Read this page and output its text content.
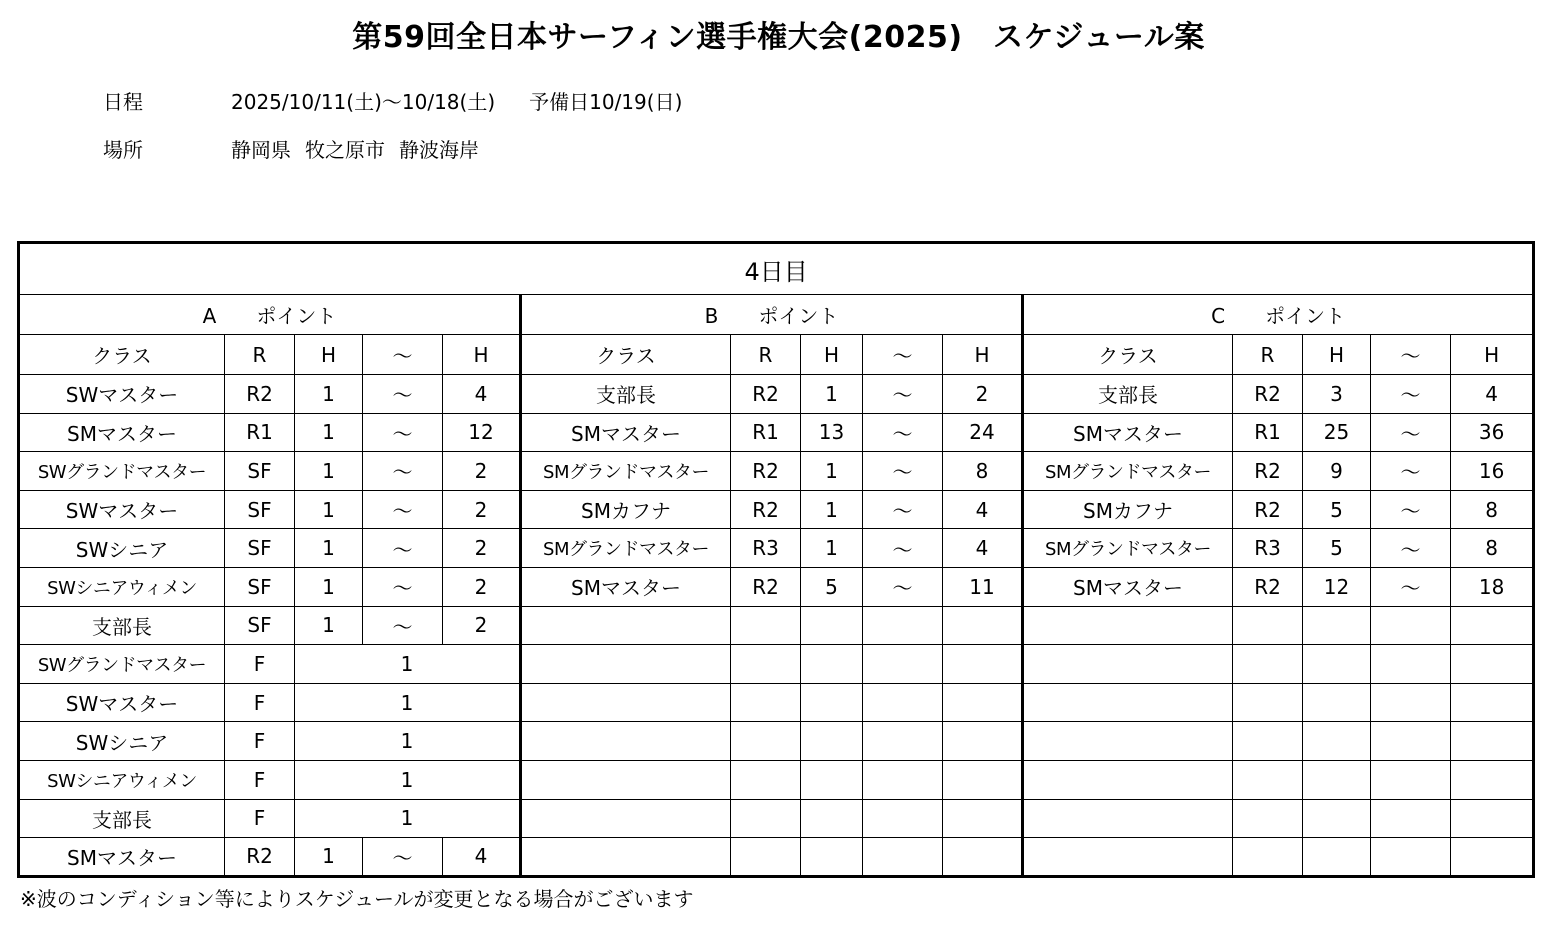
第59回全日本サーフィン選手権大会(2025)　スケジュール案
日程	2025/10/11(土)～10/18(土) 予備日10/19(日)
場所	静岡県 牧之原市 静波海岸
4日目														
A　　ポイント					B　　ポイント					C　　ポイント				
クラス	R	H	～	H	クラス	R	H	～	H	クラス	R	H	～	H
SWマスター	R2	1	～	4	支部長	R2	1	～	2	支部長	R2	3	～	4
SMマスター	R1	1	～	12	SMマスター	R1	13	～	24	SMマスター	R1	25	～	36
SWグランドマスター	SF	1	～	2	SMグランドマスター	R2	1	～	8	SMグランドマスター	R2	9	～	16
SWマスター	SF	1	～	2	SMカフナ	R2	1	～	4	SMカフナ	R2	5	～	8
SWシニア	SF	1	～	2	SMグランドマスター	R3	1	～	4	SMグランドマスター	R3	5	～	8
SWシニアウィメン	SF	1	～	2	SMマスター	R2	5	～	11	SMマスター	R2	12	～	18
支部長	SF	1	～	2										
SWグランドマスター	F	1												
SWマスター	F	1												
SWシニア	F	1												
SWシニアウィメン	F	1												
支部長	F	1												
SMマスター	R2	1	～	4										
※波のコンディション等によりスケジュールが変更となる場合がございます
